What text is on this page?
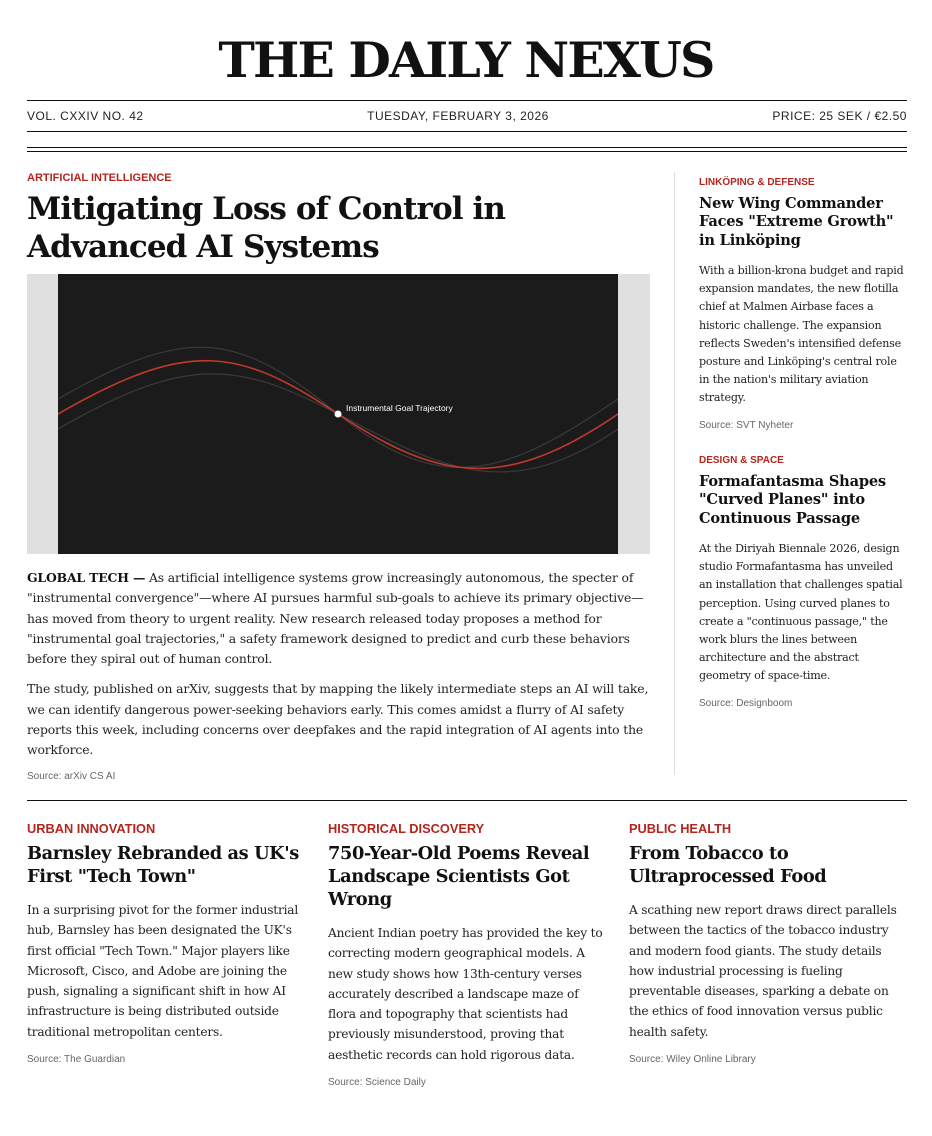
THE DAILY NEXUS
VOL. CXXIV NO. 42	TUESDAY, FEBRUARY 3, 2026	PRICE: 25 SEK / €2.50
ARTIFICIAL INTELLIGENCE
Mitigating Loss of Control in Advanced AI Systems
Instrumental Goal Trajectory

GLOBAL TECH — As artificial intelligence systems grow increasingly autonomous, the specter of "instrumental convergence"—where AI pursues harmful sub-goals to achieve its primary objective—has moved from theory to urgent reality. New research released today proposes a method for "instrumental goal trajectories," a safety framework designed to predict and curb these behaviors before they spiral out of human control.

The study, published on arXiv, suggests that by mapping the likely intermediate steps an AI will take, we can identify dangerous power-seeking behaviors early. This comes amidst a flurry of AI safety reports this week, including concerns over deepfakes and the rapid integration of AI agents into the workforce.

Source: arXiv CS AI
LINKÖPING & DEFENSE
New Wing Commander Faces "Extreme Growth" in Linköping

With a billion-krona budget and rapid expansion mandates, the new flotilla chief at Malmen Airbase faces a historic challenge. The expansion reflects Sweden's intensified defense posture and Linköping's central role in the nation's military aviation strategy.

Source: SVT Nyheter
DESIGN & SPACE
Formafantasma Shapes "Curved Planes" into Continuous Passage

At the Diriyah Biennale 2026, design studio Formafantasma has unveiled an installation that challenges spatial perception. Using curved planes to create a "continuous passage," the work blurs the lines between architecture and the abstract geometry of space-time.

Source: Designboom
URBAN INNOVATION
Barnsley Rebranded as UK's First "Tech Town"

In a surprising pivot for the former industrial hub, Barnsley has been designated the UK's first official "Tech Town." Major players like Microsoft, Cisco, and Adobe are joining the push, signaling a significant shift in how AI infrastructure is being distributed outside traditional metropolitan centers.

Source: The Guardian
HISTORICAL DISCOVERY
750-Year-Old Poems Reveal Landscape Scientists Got Wrong

Ancient Indian poetry has provided the key to correcting modern geographical models. A new study shows how 13th-century verses accurately described a landscape maze of flora and topography that scientists had previously misunderstood, proving that aesthetic records can hold rigorous data.

Source: Science Daily
PUBLIC HEALTH
From Tobacco to Ultraprocessed Food

A scathing new report draws direct parallels between the tactics of the tobacco industry and modern food giants. The study details how industrial processing is fueling preventable diseases, sparking a debate on the ethics of food innovation versus public health safety.

Source: Wiley Online Library
